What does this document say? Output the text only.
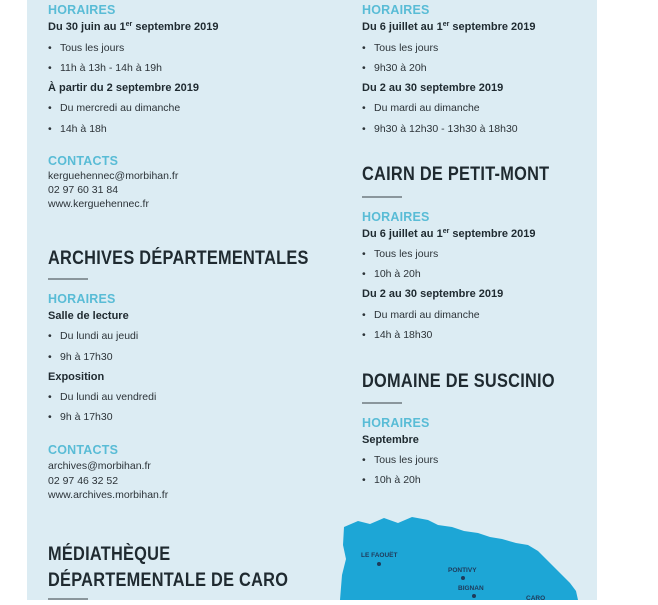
HORAIRES
Du 30 juin au 1er septembre 2019
• Tous les jours
• 11h à 13h - 14h à 19h
À partir du 2 septembre 2019
• Du mercredi au dimanche
• 14h à 18h
CONTACTS
kerguehennec@morbihan.fr
02 97 60 31 84
www.kerguehennec.fr
ARCHIVES DÉPARTEMENTALES
HORAIRES
Salle de lecture
• Du lundi au jeudi
• 9h à 17h30
Exposition
• Du lundi au vendredi
• 9h à 17h30
CONTACTS
archives@morbihan.fr
02 97 46 32 52
www.archives.morbihan.fr
MÉDIATHÈQUE
DÉPARTEMENTALE DE CARO
HORAIRES
Du 6 juillet au 1er septembre 2019
• Tous les jours
• 9h30 à 20h
Du 2 au 30 septembre 2019
• Du mardi au dimanche
• 9h30 à 12h30 - 13h30 à 18h30
CAIRN DE PETIT-MONT
HORAIRES
Du 6 juillet au 1er septembre 2019
• Tous les jours
• 10h à 20h
Du 2 au 30 septembre 2019
• Du mardi au dimanche
• 14h à 18h30
DOMAINE DE SUSCINIO
HORAIRES
Septembre
• Tous les jours
• 10h à 20h
LE FAOUËT
PONTIVY
BIGNAN
CARO
